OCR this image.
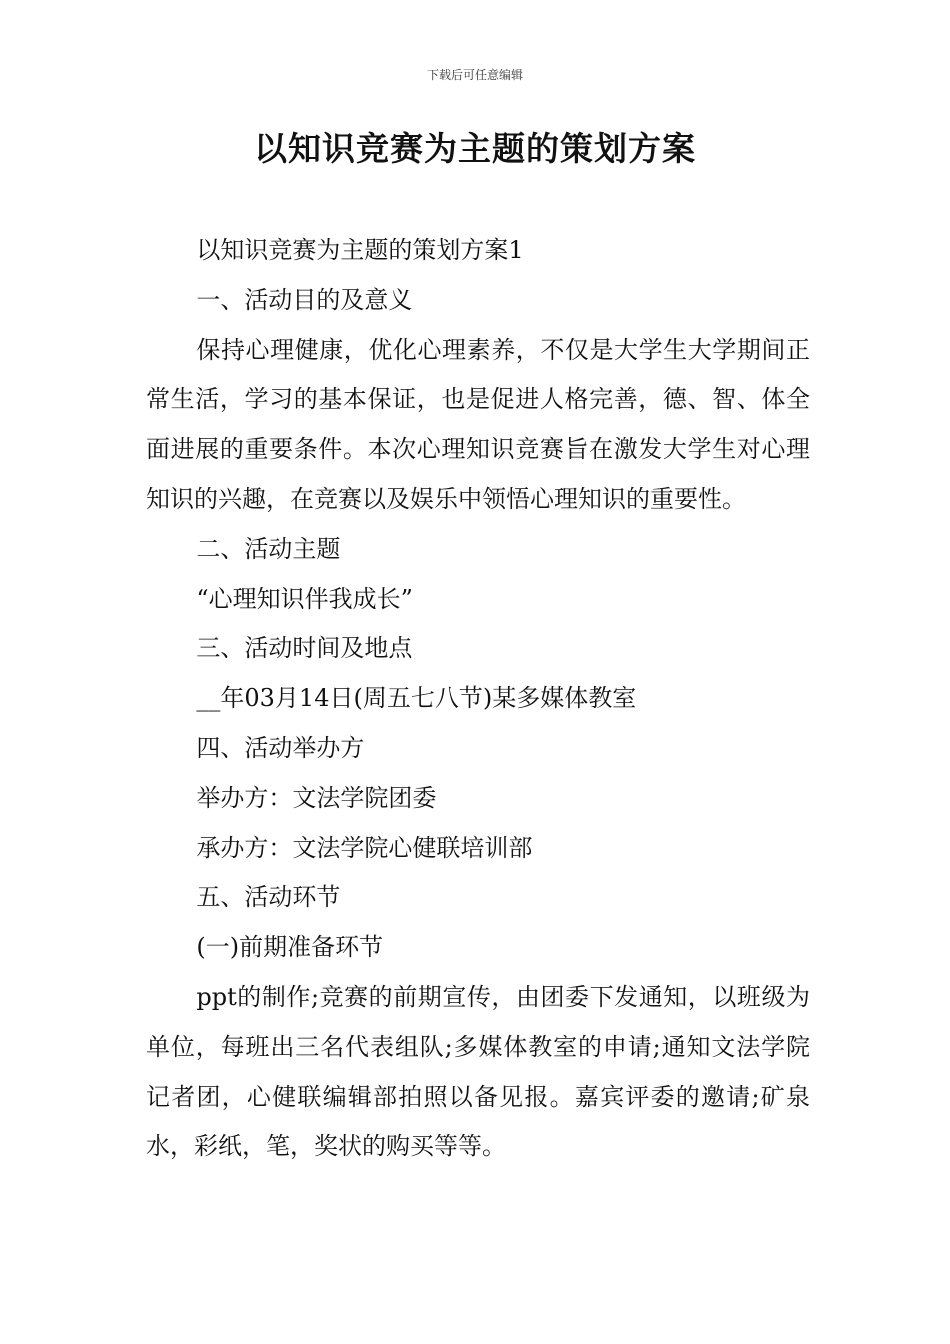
下载后可任意编辑
以知识竞赛为主题的策划方案

以知识竞赛为主题的策划方案1

一、活动目的及意义

保持心理健康，优化心理素养，不仅是大学生大学期间正常生活，学习的基本保证，也是促进人格完善，德、智、体全面进展的重要条件。本次心理知识竞赛旨在激发大学生对心理知识的兴趣，在竞赛以及娱乐中领悟心理知识的重要性。

二、活动主题

“心理知识伴我成长”

三、活动时间及地点

__年03月14日(周五七八节)某多媒体教室

四、活动举办方

举办方：文法学院团委

承办方：文法学院心健联培训部

五、活动环节

(一)前期准备环节

ppt的制作;竞赛的前期宣传，由团委下发通知，以班级为单位，每班出三名代表组队;多媒体教室的申请;通知文法学院记者团，心健联编辑部拍照以备见报。嘉宾评委的邀请;矿泉水，彩纸，笔，奖状的购买等等。
